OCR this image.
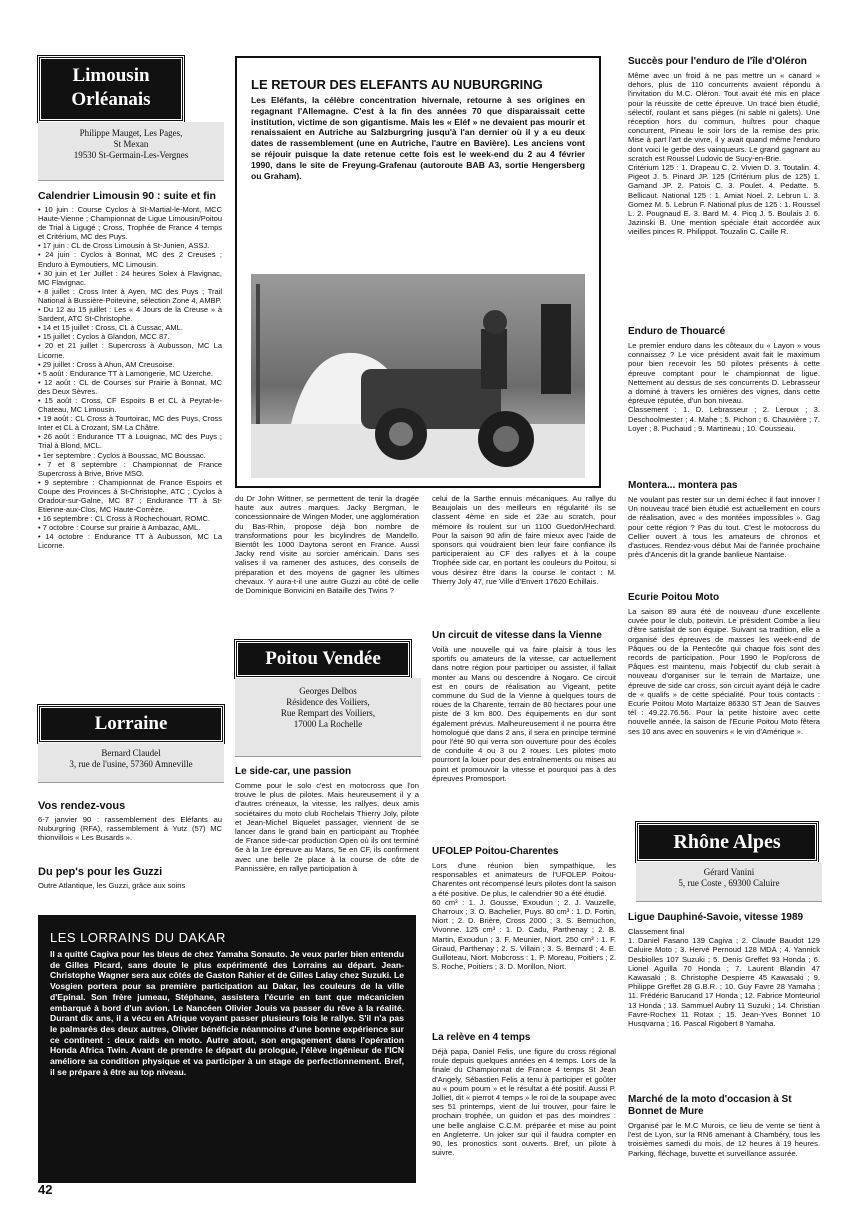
Limousin
Orléanais
Philippe Mauget, Les Pages,
St Mexan
19530 St-Germain-Les-Vergnes

Calendrier Limousin 90 : suite et fin

• 10 juin : Course Cyclos à St-Martial-le-Mont, MCC Haute-Vienne ; Championnat de Ligue Limousin/Poitou de Trial à Ligugé ; Cross, Trophée de France 4 temps et Critérium, MC des Puys.
• 17 juin : CL de Cross Limousin à St-Junien, ASSJ.
• 24 juin : Cyclos à Bonnat, MC des 2 Creuses ; Enduro à Eymoutiers, MC Limousin.
• 30 juin et 1er Juillet : 24 heures Solex à Flavignac, MC Flavignac.
• 8 juillet : Cross Inter à Ayen, MC des Puys ; Trail National à Bussière-Poitevine, sélection Zone 4, AMBP.
• Du 12 au 15 juillet : Les « 4 Jours de la Creuse » à Sardent, ATC St-Christophe.
• 14 et 15 juillet : Cross, CL à Cussac, AML.
• 15 juillet : Cyclos à Glandon, MCC 87.
• 20 et 21 juillet : Supercross à Aubusson, MC La Licorne.
• 29 juillet : Cross à Ahun, AM Creusoise.
• 5 août : Endurance TT à Lamongerie, MC Uzerche.
• 12 août : CL de Courses sur Prairie à Bonnat, MC des Deux Sèvres.
• 15 août : Cross, CF Espoirs B et CL à Peyrat-le-Chateau, MC Limousin.
• 19 août : CL Cross à Tourtoirac, MC des Puys, Cross Inter et CL à Crozant, SM La Châtre.
• 26 août : Endurance TT à Louignac, MC des Puys ; Trial à Blond, MCL.
• 1er septembre : Cyclos à Boussac, MC Boussac.
• 7 et 8 septembre : Championnat de France Supercross à Brive, Brive MSO.
• 9 septembre : Championnat de France Espoirs et Coupe des Provinces à St-Christophe, ATC ; Cyclos à Oradour-sur-Galne, MC 87 ; Endurance TT à St-Etienne-aux-Clos, MC Haute-Corrèze.
• 16 septembre : CL Cross à Rochechouart, ROMC.
• 7 octobre : Course sur prairie à Ambazac, AML.
• 14 octobre : Endurance TT à Aubusson, MC La Licorne.
Lorraine
Bernard Claudel
3, rue de l'usine, 57360 Amneville

Vos rendez-vous

6-7 janvier 90 : rassemblement des Eléfants au Nuburgring (RFA), rassemblement à Yutz (57) MC thionvillois « Les Busards ».

Du pep's pour les Guzzi

Outre Atlantique, les Guzzi, grâce aux soins

LES LORRAINS DU DAKAR

Il a quitté Cagiva pour les bleus de chez Yamaha Sonauto. Je veux parler bien entendu de Gilles Picard, sans doute le plus expérimenté des Lorrains au départ. Jean-Christophe Wagner sera aux côtés de Gaston Rahier et de Gilles Lalay chez Suzuki. Le Vosgien portera pour sa première participation au Dakar, les couleurs de la ville d'Epinal. Son frère jumeau, Stéphane, assistera l'écurie en tant que mécanicien embarqué à bord d'un avion. Le Nancéen Olivier Jouis va passer du rêve à la réalité. Durant dix ans, il a vécu en Afrique voyant passer plusieurs fois le rallye. S'il n'a pas le palmarès des deux autres, Olivier bénéficie néanmoins d'une bonne expérience sur ce continent : deux raids en moto. Autre atout, son engagement dans l'opération Honda Africa Twin. Avant de prendre le départ du prologue, l'élève ingénieur de l'ICN améliore sa condition physique et va participer à un stage de perfectionnement. Bref, il se prépare à être au top niveau.

42
LE RETOUR DES ELEFANTS AU NUBURGRING

Les Eléfants, la célèbre concentration hivernale, retourne à ses origines en regagnant l'Allemagne. C'est à la fin des années 70 que disparaissait cette institution, victime de son gigantisme. Mais les « Eléf » ne devaient pas mourir et renaissaient en Autriche au Salzburgring jusqu'à l'an dernier où il y a eu deux dates de rassemblement (une en Autriche, l'autre en Bavière). Les anciens vont se réjouir puisque la date retenue cette fois est le week-end du 2 au 4 février 1990, dans le site de Freyung-Grafenau (autoroute BAB A3, sortie Hengersberg ou Graham).

du Dr John Wittner, se permettent de tenir la dragée haute aux autres marques. Jacky Bergman, le concessionnaire de Wingen Moder, une agglomération du Bas-Rhin, propose déjà bon nombre de transformations pour les bicylindres de Mandello. Bientôt les 1000 Daytona seront en France. Aussi Jacky rend visite au sorcier américain. Dans ses valises il va ramener des astuces, des conseils de préparation et des moyens de gagner les ultimes chevaux. Y aura-t-il une autre Guzzi au côté de celle de Dominique Bonvicini en Bataille des Twins ?

Poitou Vendée
Georges Delbos
Résidence des Voiliers,
Rue Rempart des Voiliers,
17000 La Rochelle

Le side-car, une passion

Comme pour le solo c'est en motocross que l'on trouve le plus de pilotes. Mais heureusement il y a d'autres créneaux, la vitesse, les rallyes, deux amis sociétaires du moto club Rochelais Thierry Joly, pilote et Jean-Michel Biquelet passager, viennent de se lancer dans le grand bain en participant au Trophée de France side-car production Open où ils ont terminé 6e à la 1re épreuve au Mans, 5e en CF, ils confirment avec une belle 2e place à la course de côte de Pannissière, en rallye participation à

celui de la Sarthe ennuis mécaniques. Au rallye du Beaujolais un des meilleurs en régularité ils se classent 4ème en side et 23e au scratch, pour mémoire ils roulent sur un 1100 Guedon/Hechard. Pour la saison 90 afin de faire mieux avec l'aide de sponsors qui voudraient bien leur faire confiance ils participeraient au CF des rallyes et à la coupe Trophée side car, en portant les couleurs du Poitou, si vous désirez être dans la course le contact : M. Thierry Joly 47, rue Ville d'Envert 17620 Echillais.

Un circuit de vitesse dans la Vienne

Voilà une nouvelle qui va faire plaisir à tous les sportifs ou amateurs de la vitesse, car actuellement dans notre région pour participer ou assister, il fallait monter au Mans ou descendre à Nogaro. Ce circuit est en cours de réalisation au Vigeant, petite commune du Sud de la Vienne à quelques tours de roues de la Charente, terrain de 80 hectares pour une piste de 3 km 800. Des équipements en dur sont également prévus. Malheureusement il ne pourra être homologué que dans 2 ans, il sera en principe terminé pour l'été 90 qui verra son ouverture pour des écoles de conduite 4 ou 3 ou 2 roues. Les pilotes moto pourront la louer pour des entraînements ou mises au point et promouvoir la vitesse et pourquoi pas à des épreuves Promosport.

UFOLEP Poitou-Charentes

Lors d'une réunion bien sympathique, les responsables et animateurs de l'UFOLEP Poitou-Charentes ont récompensé leurs pilotes dont la saison a été positive. De plus, le calendrier 90 a été étudié.

60 cm³ : 1. J. Gousse, Exoudun ; 2. J. Vauzelle, Charroux ; 3. O. Bachelier, Puys. 80 cm³ : 1. D. Fortin, Niort ; 2. D. Brière, Cross 2000 ; 3. S. Bernuchon, Vivonne. 125 cm³ : 1. D. Cadu, Parthenay ; 2. B. Martin, Exoudun ; 3. F. Meunier, Niort. 250 cm³ : 1. F. Giraud, Parthenay ; 2. S. Villain ; 3. S. Bernard ; 4. E. Guilloteau, Niort. Mobcross : 1. P. Moreau, Poitiers ; 2. S. Roche, Poitiers ; 3. D. Morillon, Niort.

La relève en 4 temps

Déjà papa, Daniel Felis, une figure du cross régional roule depuis quelques années en 4 temps. Lors de la finale du Championnat de France 4 temps St Jean d'Angely, Sébastien Felis a tenu à participer et goûter au « poum poum » et le résultat a été positif. Aussi P. Jolliet, dit « pierrot 4 temps » le roi de la soupape avec ses 51 printemps, vient de lui trouver, pour faire le prochain trophée, un guidon et pas des moindres : une belle anglaise C.C.M. préparée et mise au point en Angleterre. Un joker sur qui il faudra compter en 90, les pronostics sont ouverts. Bref, un pilote à suivre.

Succès pour l'enduro de l'île d'Oléron

Même avec un froid à ne pas mettre un « canard » dehors, plus de 110 concurrents avaient répondu à l'invitation du M.C. Oléron. Tout avait été mis en place pour la réussite de cette épreuve. Un tracé bien étudié, sélectif, roulant et sans pièges (ni sable ni galets). Une réception hors du commun, huîtres pour chaque concurrent, Pineau le soir lors de la remise des prix. Mise à part l'art de vivre, il y avait quand même l'enduro dont voici le gerbe des vainqueurs. Le grand gagnant au scratch est Roussel Ludovic de Sucy-en-Brie.

Critérium 125 : 1. Drapeau C. 2. Vivien D. 3. Toutalin. 4. Pigeot J. 5. Pinard JP. 125 (Critérium plus de 125) 1. Gamand JP. 2. Patois C. 3. Poulet. 4. Pedatte. 5. Bellicaut. National 125 : 1. Amiat Noel. 2. Lebrun L. 3. Gomez M. 5. Lebrun F. National plus de 125 : 1. Roussel L. 2. Pougnaud E. 3. Bard M. 4. Picq J. 5. Boulais J. 6. Jazinski B. Une mention spéciale était accordée aux vieilles pinces R. Philippot. Touzalin C. Caille R.

Enduro de Thouarcé

Le premier enduro dans les côteaux du « Layon » vous connaissez ? Le vice président avait fait le maximum pour bien recevoir les 50 pilotes présents à cette épreuve comptant pour le championnat de ligue. Nettement au dessus de ses concurrents D. Lebrasseur a dominé à travers les ornières des vignes, dans cette épreuve réputée, d'un bon niveau.

Classement : 1. D. Lebrasseur ; 2. Leroux ; 3. Deschoolmester ; 4. Mahe ; 5. Pichon ; 6. Chauvière ; 7. Loyer ; 8. Puchaud ; 9. Martineau ; 10. Cousseau.

Montera... montera pas

Ne voulant pas rester sur un demi échec il faut innover ! Un nouveau tracé bien étudié est actuellement en cours de réalisation, avec « des montées impossibles ». Gag pour cette région ? Pas du tout. C'est le motocross du Cellier ouvert à tous les amateurs de chronos et d'astuces. Rendez-vous début Mai de l'année prochaine près d'Ancenis dit la grande banlieue Nantaise.

Ecurie Poitou Moto

La saison 89 aura été de nouveau d'une excellente cuvée pour le club, poitevin. Le président Combe a lieu d'être satisfait de son équipe. Suivant sa tradition, elle a organisé des épreuves de masses les week-end de Pâques ou de la Pentecôte qui chaque fois sont des records de participation. Pour 1990 le Pop/cross de Pâques est maintenu, mais l'objectif du club serait à nouveau d'organiser sur le terrain de Martaize, une épreuve de side car cross, son circuit ayant déjà le cadre de « qualifs » de cette spécialité. Pour tous contacts : Ecurie Poitou Moto Martaize 86330 ST Jean de Sauves tél : 49.22.76.56. Pour la petite histoire avec cette nouvelle année, la saison de l'Ecurie Poitou Moto fêtera ses 10 ans avec en souvenirs « le vin d'Amérique ».

Rhône Alpes
Gérard Vanini
5, rue Coste , 69300 Caluire

Ligue Dauphiné-Savoie, vitesse 1989

Classement final

1. Daniel Fasano 139 Cagiva ; 2. Claude Baudot 129 Caluire Moto ; 3. Hervé Pernoud 128 MDA ; 4. Yannick Desbiolles 107 Suzuki ; 5. Denis Greffet 93 Honda ; 6. Lionel Aguilla 70 Honda ; 7. Laurent Blandin 47 Kawasaki ; 8. Christophe Despierre 45 Kawasaki ; 9. Philippe Greffet 28 G.B.R. ; 10. Guy Favre 28 Yamaha ; 11. Frédéric Barucand 17 Honda ; 12. Fabrice Monteuriol 13 Honda ; 13. Sammuel Aubry 11 Suzuki ; 14. Christian Favre-Rochex 11 Rotax ; 15. Jean-Yves Bonnet 10 Husqvarna ; 16. Pascal Rigobert 8 Yamaha.

Marché de la moto d'occasion à St Bonnet de Mure

Organisé par le M.C Murois, ce lieu de vente se tient à l'est de Lyon, sur la RN6 amenant à Chambéry, tous les troisièmes samedi du mois, de 12 heures à 19 heures. Parking, fléchage, buvette et surveillance assurée.
